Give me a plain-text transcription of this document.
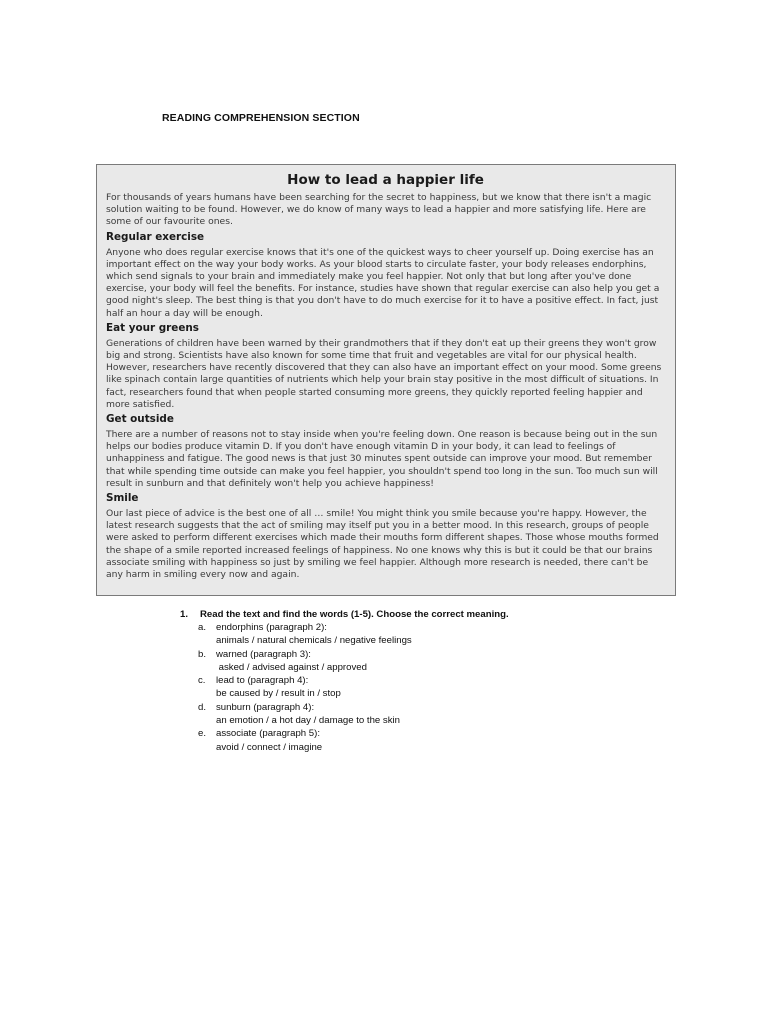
READING COMPREHENSION SECTION
How to lead a happier life

For thousands of years humans have been searching for the secret to happiness, but we know that there isn't a magic solution waiting to be found. However, we do know of many ways to lead a happier and more satisfying life. Here are some of our favourite ones.

Regular exercise

Anyone who does regular exercise knows that it's one of the quickest ways to cheer yourself up. Doing exercise has an important effect on the way your body works. As your blood starts to circulate faster, your body releases endorphins, which send signals to your brain and immediately make you feel happier. Not only that but long after you've done exercise, your body will feel the benefits. For instance, studies have shown that regular exercise can also help you get a good night's sleep. The best thing is that you don't have to do much exercise for it to have a positive effect. In fact, just half an hour a day will be enough.

Eat your greens

Generations of children have been warned by their grandmothers that if they don't eat up their greens they won't grow big and strong. Scientists have also known for some time that fruit and vegetables are vital for our physical health. However, researchers have recently discovered that they can also have an important effect on your mood. Some greens like spinach contain large quantities of nutrients which help your brain stay positive in the most difficult of situations. In fact, researchers found that when people started consuming more greens, they quickly reported feeling happier and more satisfied.

Get outside

There are a number of reasons not to stay inside when you're feeling down. One reason is because being out in the sun helps our bodies produce vitamin D. If you don't have enough vitamin D in your body, it can lead to feelings of unhappiness and fatigue. The good news is that just 30 minutes spent outside can improve your mood. But remember that while spending time outside can make you feel happier, you shouldn't spend too long in the sun. Too much sun will result in sunburn and that definitely won't help you achieve happiness!

Smile

Our last piece of advice is the best one of all … smile! You might think you smile because you're happy. However, the latest research suggests that the act of smiling may itself put you in a better mood. In this research, groups of people were asked to perform different exercises which made their mouths form different shapes. Those whose mouths formed the shape of a smile reported increased feelings of happiness. No one knows why this is but it could be that our brains associate smiling with happiness so just by smiling we feel happier. Although more research is needed, there can't be any harm in smiling every now and again.

1.	Read the text and find the words (1-5). Choose the correct meaning.
a. endorphins (paragraph 2):
animals / natural chemicals / negative feelings
b. warned (paragraph 3):
asked / advised against / approved
c. lead to (paragraph 4):
be caused by / result in / stop
d. sunburn (paragraph 4):
an emotion / a hot day / damage to the skin
e. associate (paragraph 5):
avoid / connect / imagine
